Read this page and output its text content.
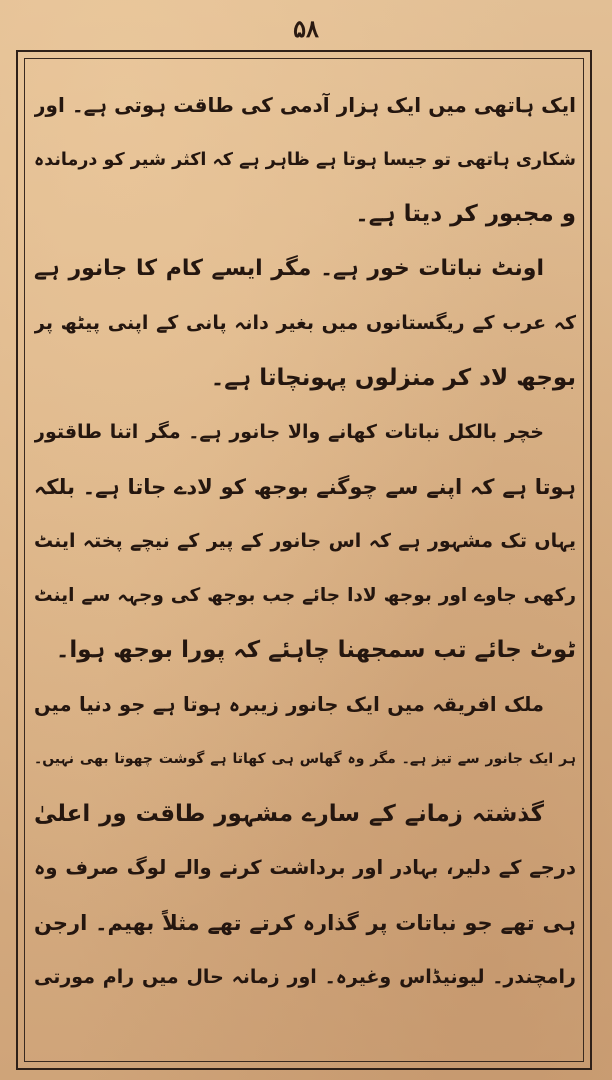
۵۸
ایک ہاتھی میں ایک ہزار آدمی کی طاقت ہوتی ہے۔ اور
شکاری ہاتھی تو جیسا ہوتا ہے ظاہر ہے کہ اکثر شیر کو درماندہ
و مجبور کر دیتا ہے۔
اونٹ نباتات خور ہے۔ مگر ایسے کام کا جانور ہے
کہ عرب کے ریگستانوں میں بغیر دانہ پانی کے اپنی پیٹھ پر
بوجھ لاد کر منزلوں پہونچاتا ہے۔
خچر بالکل نباتات کھانے والا جانور ہے۔ مگر اتنا طاقتور
ہوتا ہے کہ اپنے سے چوگنے بوجھ کو لادے جاتا ہے۔ بلکہ
یہاں تک مشہور ہے کہ اس جانور کے پیر کے نیچے پختہ اینٹ
رکھی جاوے اور بوجھ لادا جائے جب بوجھ کی وجہہ سے اینٹ
ٹوٹ جائے تب سمجھنا چاہئے کہ پورا بوجھ ہوا۔
ملک افریقہ میں ایک جانور زیبرہ ہوتا ہے جو دنیا میں
ہر ایک جانور سے تیز ہے۔ مگر وہ گھاس ہی کھاتا ہے گوشت چھوتا بھی نہیں۔
گذشتہ زمانے کے سارے مشہور طاقت ور اعلیٰ
درجے کے دلیر، بہادر اور برداشت کرنے والے لوگ صرف وہ
ہی تھے جو نباتات پر گذارہ کرتے تھے مثلاً بھیم۔ ارجن
رامچندر۔ لیونیڈاس وغیرہ۔ اور زمانہ حال میں رام مورتی
